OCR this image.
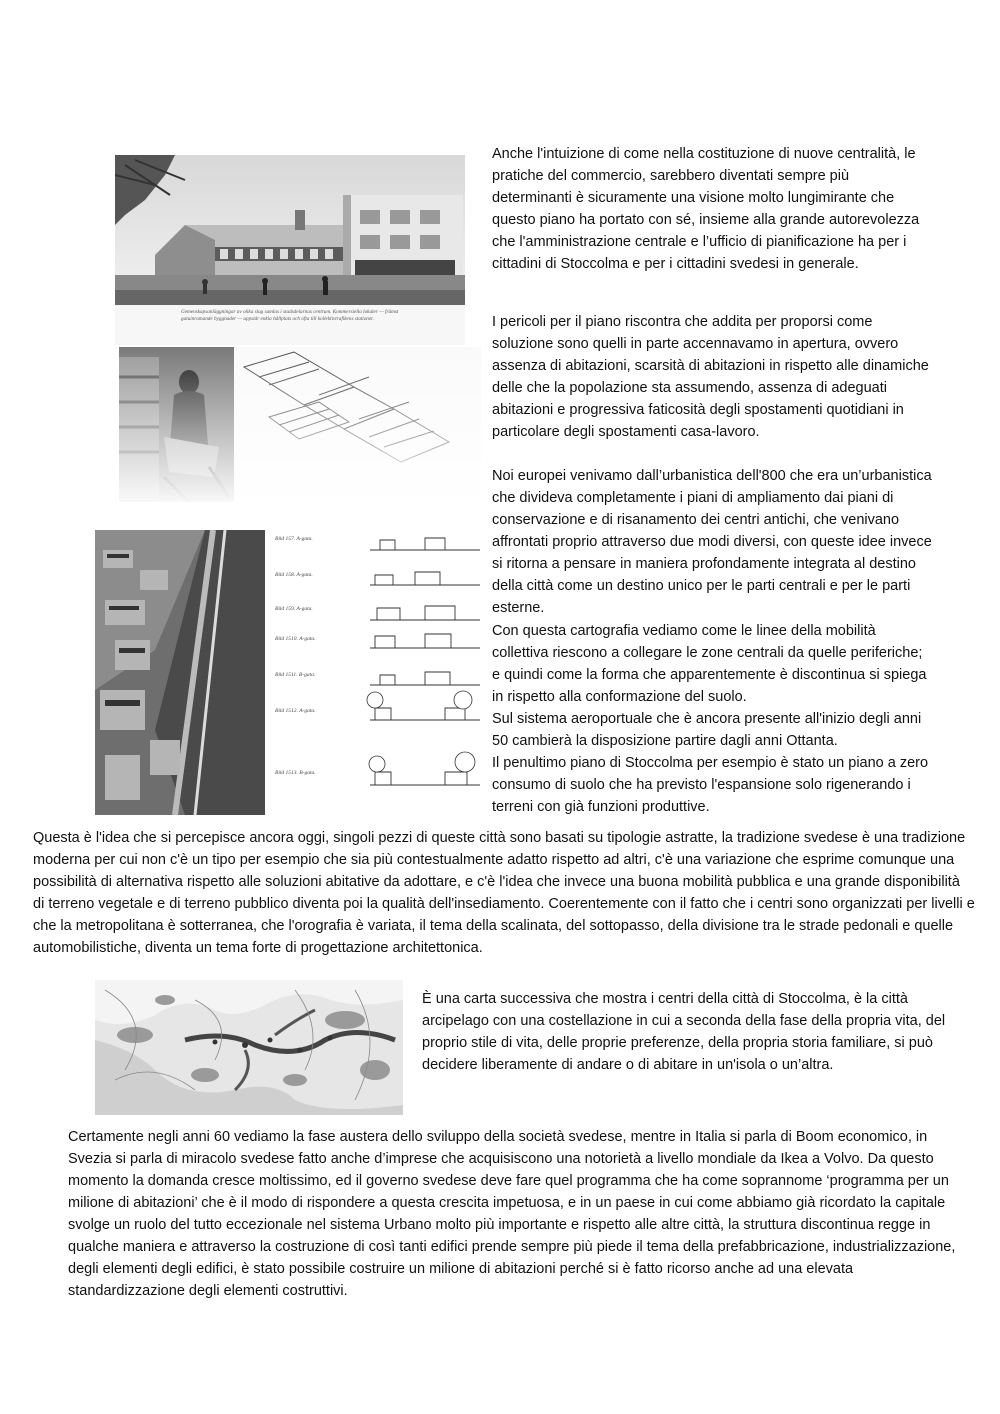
Gemenskapsanläggningar av olika slag samlas i stadsdelarnas centrum. Kommersiella lokaler — främst gatuinramande byggnader — uppstår enkla hållplats och ofta till kollektivtrafikens stationer.
Bild 157. A-gata.
Bild 158. A-gata.
Bild 159. A-gata.
Bild 1510. A-gata.
Bild 1511. B-gata.
Bild 1512. A-gata.
Bild 1513. B-gata.

Anche l'intuizione di come nella costituzione di nuove centralità, le pratiche del commercio, sarebbero diventati sempre più determinanti è sicuramente una visione molto lungimirante che questo piano ha portato con sé, insieme alla grande autorevolezza che l'amministrazione centrale e l’ufficio di pianificazione ha per i cittadini di Stoccolma e per i cittadini svedesi in generale.

I pericoli per il piano riscontra che addita per proporsi come soluzione sono quelli in parte accennavamo in apertura, ovvero assenza di abitazioni, scarsità di abitazioni in rispetto alle dinamiche delle che la popolazione sta assumendo, assenza di adeguati abitazioni e progressiva faticosità degli spostamenti quotidiani in particolare degli spostamenti casa-lavoro.

Noi europei venivamo dall’urbanistica dell'800 che era un’urbanistica che divideva completamente i piani di ampliamento dai piani di conservazione e di risanamento dei centri antichi, che venivano affrontati proprio attraverso due modi diversi, con queste idee invece si ritorna a pensare in maniera profondamente integrata al destino della città come un destino unico per le parti centrali e per le parti esterne.

Con questa cartografia vediamo come le linee della mobilità collettiva riescono a collegare le zone centrali da quelle periferiche; e quindi come la forma che apparentemente è discontinua si spiega in rispetto alla conformazione del suolo.

Sul sistema aeroportuale che è ancora presente all'inizio degli anni 50 cambierà la disposizione partire dagli anni Ottanta.

Il penultimo piano di Stoccolma per esempio è stato un piano a zero consumo di suolo che ha previsto l'espansione solo rigenerando i terreni con già funzioni produttive.

Questa è l'idea che si percepisce ancora oggi, singoli pezzi di queste città sono basati su tipologie astratte, la tradizione svedese è una tradizione moderna per cui non c'è un tipo per esempio che sia più contestualmente adatto rispetto ad altri, c'è una variazione che esprime comunque una possibilità di alternativa rispetto alle soluzioni abitative da adottare, e c'è l'idea che invece una buona mobilità pubblica e una grande disponibilità di terreno vegetale e di terreno pubblico diventa poi la qualità dell'insediamento. Coerentemente con il fatto che i centri sono organizzati per livelli e che la metropolitana è sotterranea, che l'orografia è variata, il tema della scalinata, del sottopasso, della divisione tra le strade pedonali e quelle automobilistiche, diventa un tema forte di progettazione architettonica.

È una carta successiva che mostra i centri della città di Stoccolma, è la città arcipelago con una costellazione in cui a seconda della fase della propria vita, del proprio stile di vita, delle proprie preferenze, della propria storia familiare, si può decidere liberamente di andare o di abitare in un'isola o un’altra.

Certamente negli anni 60 vediamo la fase austera dello sviluppo della società svedese, mentre in Italia si parla di Boom economico, in Svezia si parla di miracolo svedese fatto anche d’imprese che acquisiscono una notorietà a livello mondiale da Ikea a Volvo. Da questo momento la domanda cresce moltissimo, ed il governo svedese deve fare quel programma che ha come soprannome ‘programma per un milione di abitazioni’ che è il modo di rispondere a questa crescita impetuosa, e in un paese in cui come abbiamo già ricordato la capitale svolge un ruolo del tutto eccezionale nel sistema Urbano molto più importante e rispetto alle altre città, la struttura discontinua regge in qualche maniera e attraverso la costruzione di così tanti edifici prende sempre più piede il tema della prefabbricazione, industrializzazione, degli elementi degli edifici, è stato possibile costruire un milione di abitazioni perché si è fatto ricorso anche ad una elevata standardizzazione degli elementi costruttivi.
